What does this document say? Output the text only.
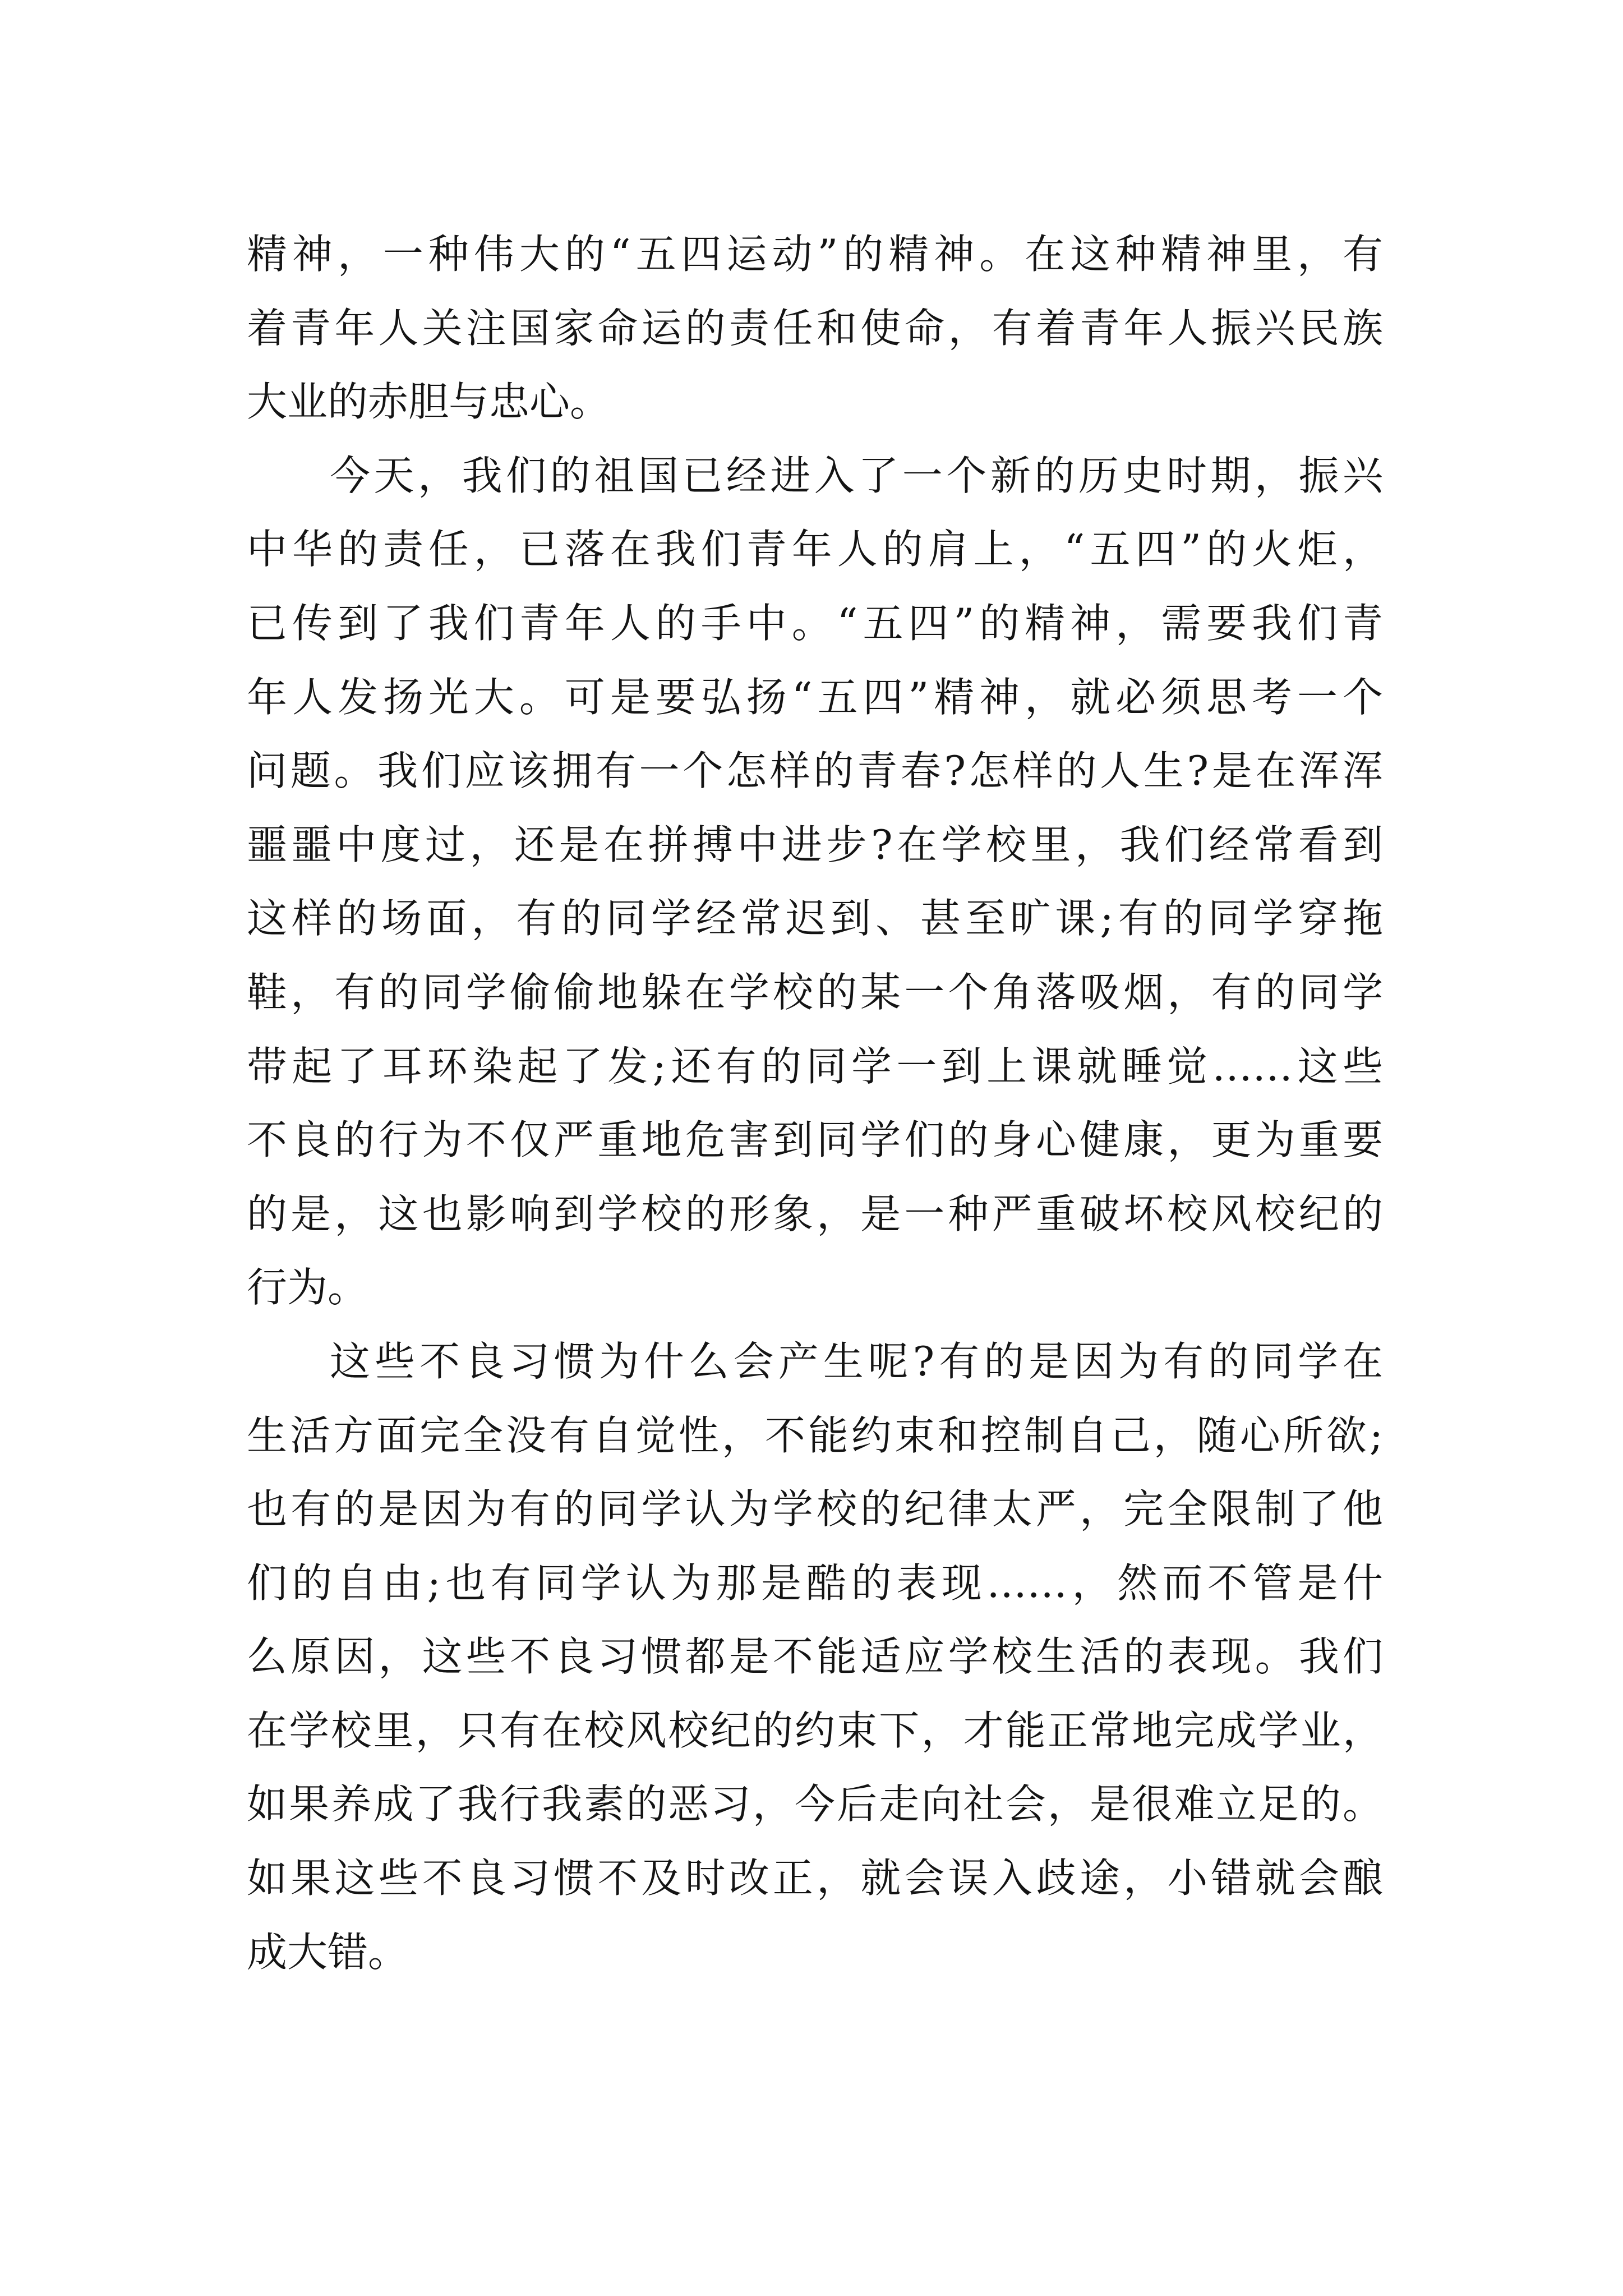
精神，一种伟大的“五四运动”的精神。在这种精神里，有
着青年人关注国家命运的责任和使命，有着青年人振兴民族
大业的赤胆与忠心。
今天，我们的祖国已经进入了一个新的历史时期，振兴
中华的责任，已落在我们青年人的肩上，“五四”的火炬，
已传到了我们青年人的手中。“五四”的精神，需要我们青
年人发扬光大。可是要弘扬“五四”精神，就必须思考一个
问题。我们应该拥有一个怎样的青春?怎样的人生?是在浑浑
噩噩中度过，还是在拼搏中进步?在学校里，我们经常看到
这样的场面，有的同学经常迟到、甚至旷课;有的同学穿拖
鞋，有的同学偷偷地躲在学校的某一个角落吸烟，有的同学
带起了耳环染起了发;还有的同学一到上课就睡觉……这些
不良的行为不仅严重地危害到同学们的身心健康，更为重要
的是，这也影响到学校的形象，是一种严重破坏校风校纪的
行为。
这些不良习惯为什么会产生呢?有的是因为有的同学在
生活方面完全没有自觉性，不能约束和控制自己，随心所欲;
也有的是因为有的同学认为学校的纪律太严，完全限制了他
们的自由;也有同学认为那是酷的表现……，然而不管是什
么原因，这些不良习惯都是不能适应学校生活的表现。我们
在学校里，只有在校风校纪的约束下，才能正常地完成学业，
如果养成了我行我素的恶习，今后走向社会，是很难立足的。
如果这些不良习惯不及时改正，就会误入歧途，小错就会酿
成大错。
